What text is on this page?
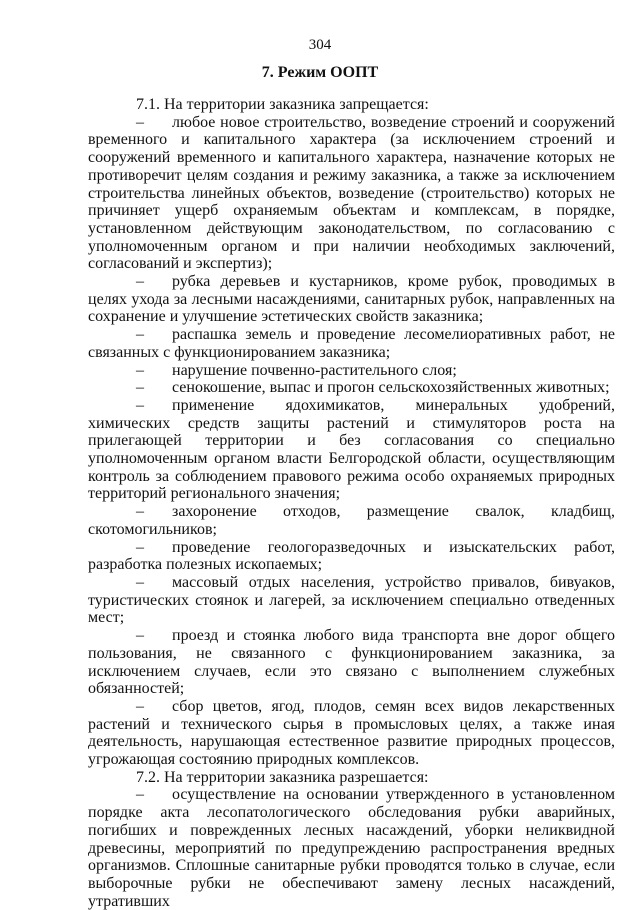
304
7. Режим ООПТ

7.1. На территории заказника запрещается:

– любое новое строительство, возведение строений и сооружений временного и капитального характера (за исключением строений и сооружений временного и капитального характера, назначение которых не противоречит целям создания и режиму заказника, а также за исключением строительства линейных объектов, возведение (строительство) которых не причиняет ущерб охраняемым объектам и комплексам, в порядке, установленном действующим законодательством, по согласованию с уполномоченным органом и при наличии необходимых заключений, согласований и экспертиз);

– рубка деревьев и кустарников, кроме рубок, проводимых в целях ухода за лесными насаждениями, санитарных рубок, направленных на сохранение и улучшение эстетических свойств заказника;

– распашка земель и проведение лесомелиоративных работ, не связанных с функционированием заказника;

– нарушение почвенно-растительного слоя;

– сенокошение, выпас и прогон сельскохозяйственных животных;

– применение ядохимикатов, минеральных удобрений, химических средств защиты растений и стимуляторов роста на прилегающей территории и без согласования со специально уполномоченным органом власти Белгородской области, осуществляющим контроль за соблюдением правового режима особо охраняемых природных территорий регионального значения;

– захоронение отходов, размещение свалок, кладбищ, скотомогильников;

– проведение геологоразведочных и изыскательских работ, разработка полезных ископаемых;

– массовый отдых населения, устройство привалов, бивуаков, туристических стоянок и лагерей, за исключением специально отведенных мест;

– проезд и стоянка любого вида транспорта вне дорог общего пользования, не связанного с функционированием заказника, за исключением случаев, если это связано с выполнением служебных обязанностей;

– сбор цветов, ягод, плодов, семян всех видов лекарственных растений и технического сырья в промысловых целях, а также иная деятельность, нарушающая естественное развитие природных процессов, угрожающая состоянию природных комплексов.

7.2. На территории заказника разрешается:

– осуществление на основании утвержденного в установленном порядке акта лесопатологического обследования рубки аварийных, погибших и поврежденных лесных насаждений, уборки неликвидной древесины, мероприятий по предупреждению распространения вредных организмов. Сплошные санитарные рубки проводятся только в случае, если выборочные рубки не обеспечивают замену лесных насаждений, утративших
